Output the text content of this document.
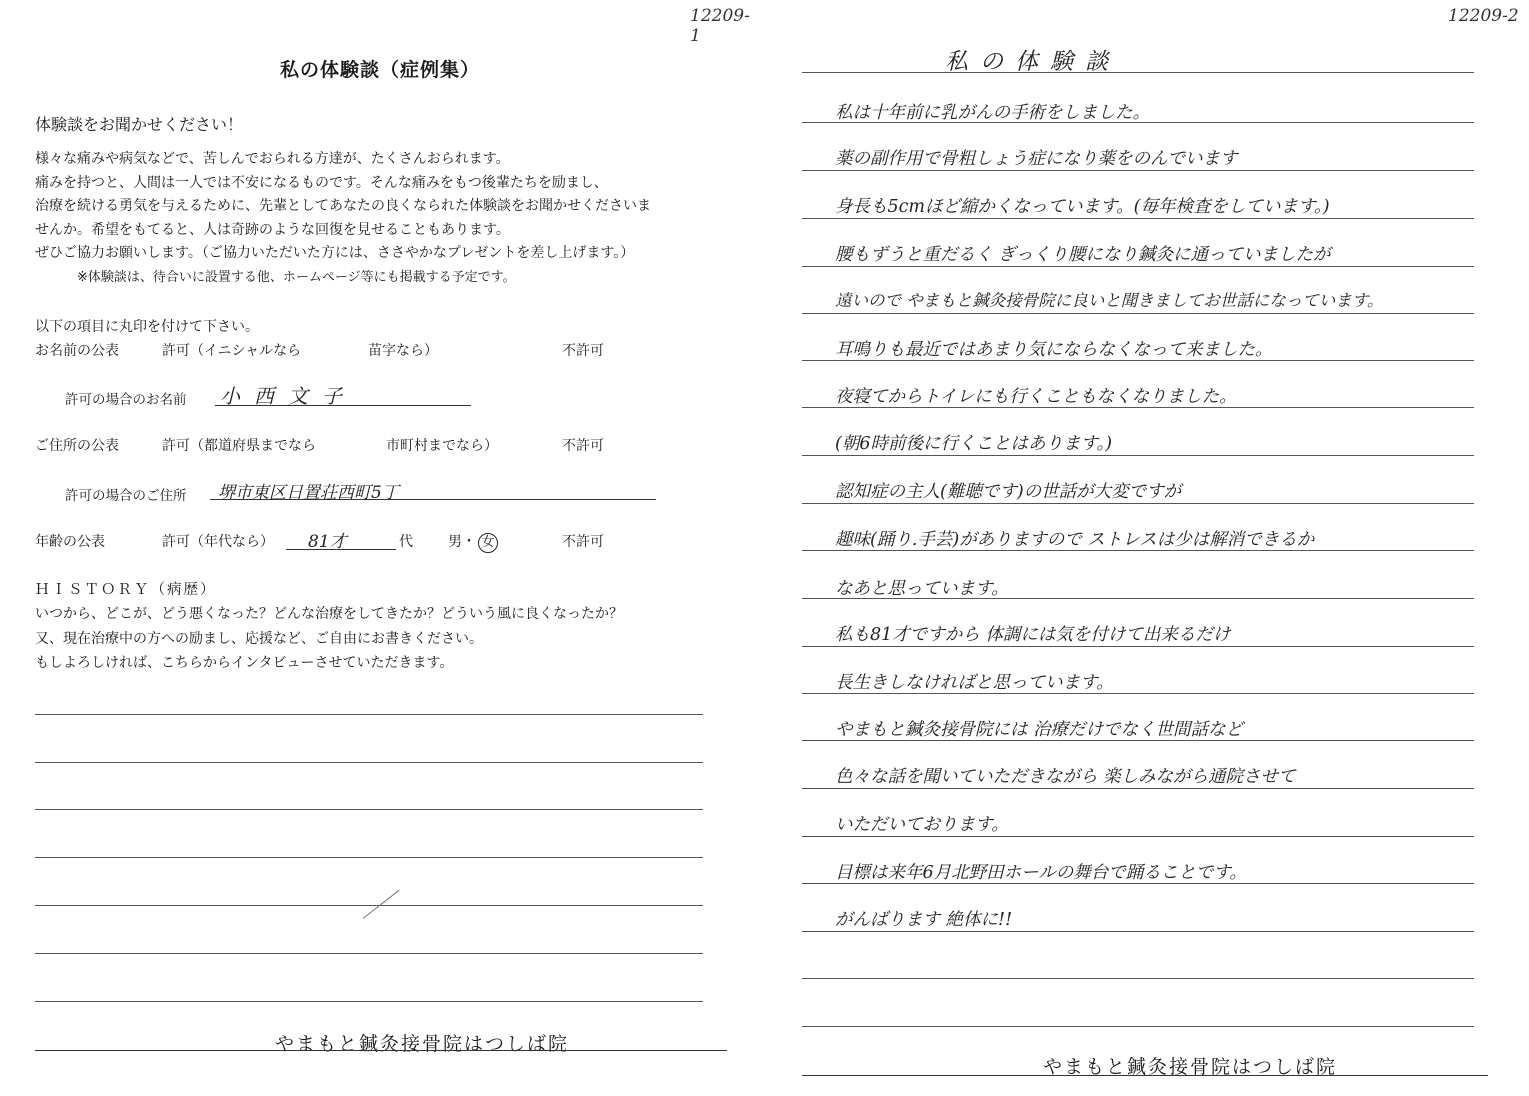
12209-1
私の体験談（症例集）
体験談をお聞かせください！
様々な痛みや病気などで、苦しんでおられる方達が、たくさんおられます。
痛みを持つと、人間は一人では不安になるものです。そんな痛みをもつ後輩たちを励まし、
治療を続ける勇気を与えるために、先輩としてあなたの良くなられた体験談をお聞かせくださいま
せんか。希望をもてると、人は奇跡のような回復を見せることもあります。
ぜひご協力お願いします。（ご協力いただいた方には、ささやかなプレゼントを差し上げます。）
※体験談は、待合いに設置する他、ホームページ等にも掲載する予定です。
以下の項目に丸印を付けて下さい。
お名前の公表	許可（イニシャルなら	苗字なら）	不許可
許可の場合のお名前 小西文子
ご住所の公表	許可（都道府県までなら	市町村までなら）	不許可
許可の場合のご住所 堺市東区日置荘西町5丁
年齢の公表	許可（年代なら） 81才	代	男・ 女	不許可
ＨＩＳＴＯＲＹ（病歴）
いつから、どこが、どう悪くなった？どんな治療をしてきたか？どういう風に良くなったか？
又、現在治療中の方への励まし、応援など、ご自由にお書きください。
もしよろしければ、こちらからインタビューさせていただきます。
やまもと鍼灸接骨院はつしば院
12209-2
私の体験談
私は十年前に乳がんの手術をしました。
薬の副作用で骨粗しょう症になり薬をのんでいます
身長も5cmほど縮かくなっています。(毎年検査をしています。)
腰もずうと重だるく ぎっくり腰になり鍼灸に通っていましたが
遠いので やまもと鍼灸接骨院に良いと聞きましてお世話になっています。
耳鳴りも最近ではあまり気にならなくなって来ました。
夜寝てからトイレにも行くこともなくなりました。
(朝6時前後に行くことはあります。)
認知症の主人(難聴です)の世話が大変ですが
趣味(踊り.手芸)がありますので ストレスは少は解消できるか
なあと思っています。
私も81才ですから 体調には気を付けて出来るだけ
長生きしなければと思っています。
やまもと鍼灸接骨院には 治療だけでなく世間話など
色々な話を聞いていただきながら 楽しみながら通院させて
いただいております。
目標は来年6月北野田ホールの舞台で踊ることです。
がんばります 絶体に!!
やまもと鍼灸接骨院はつしば院
